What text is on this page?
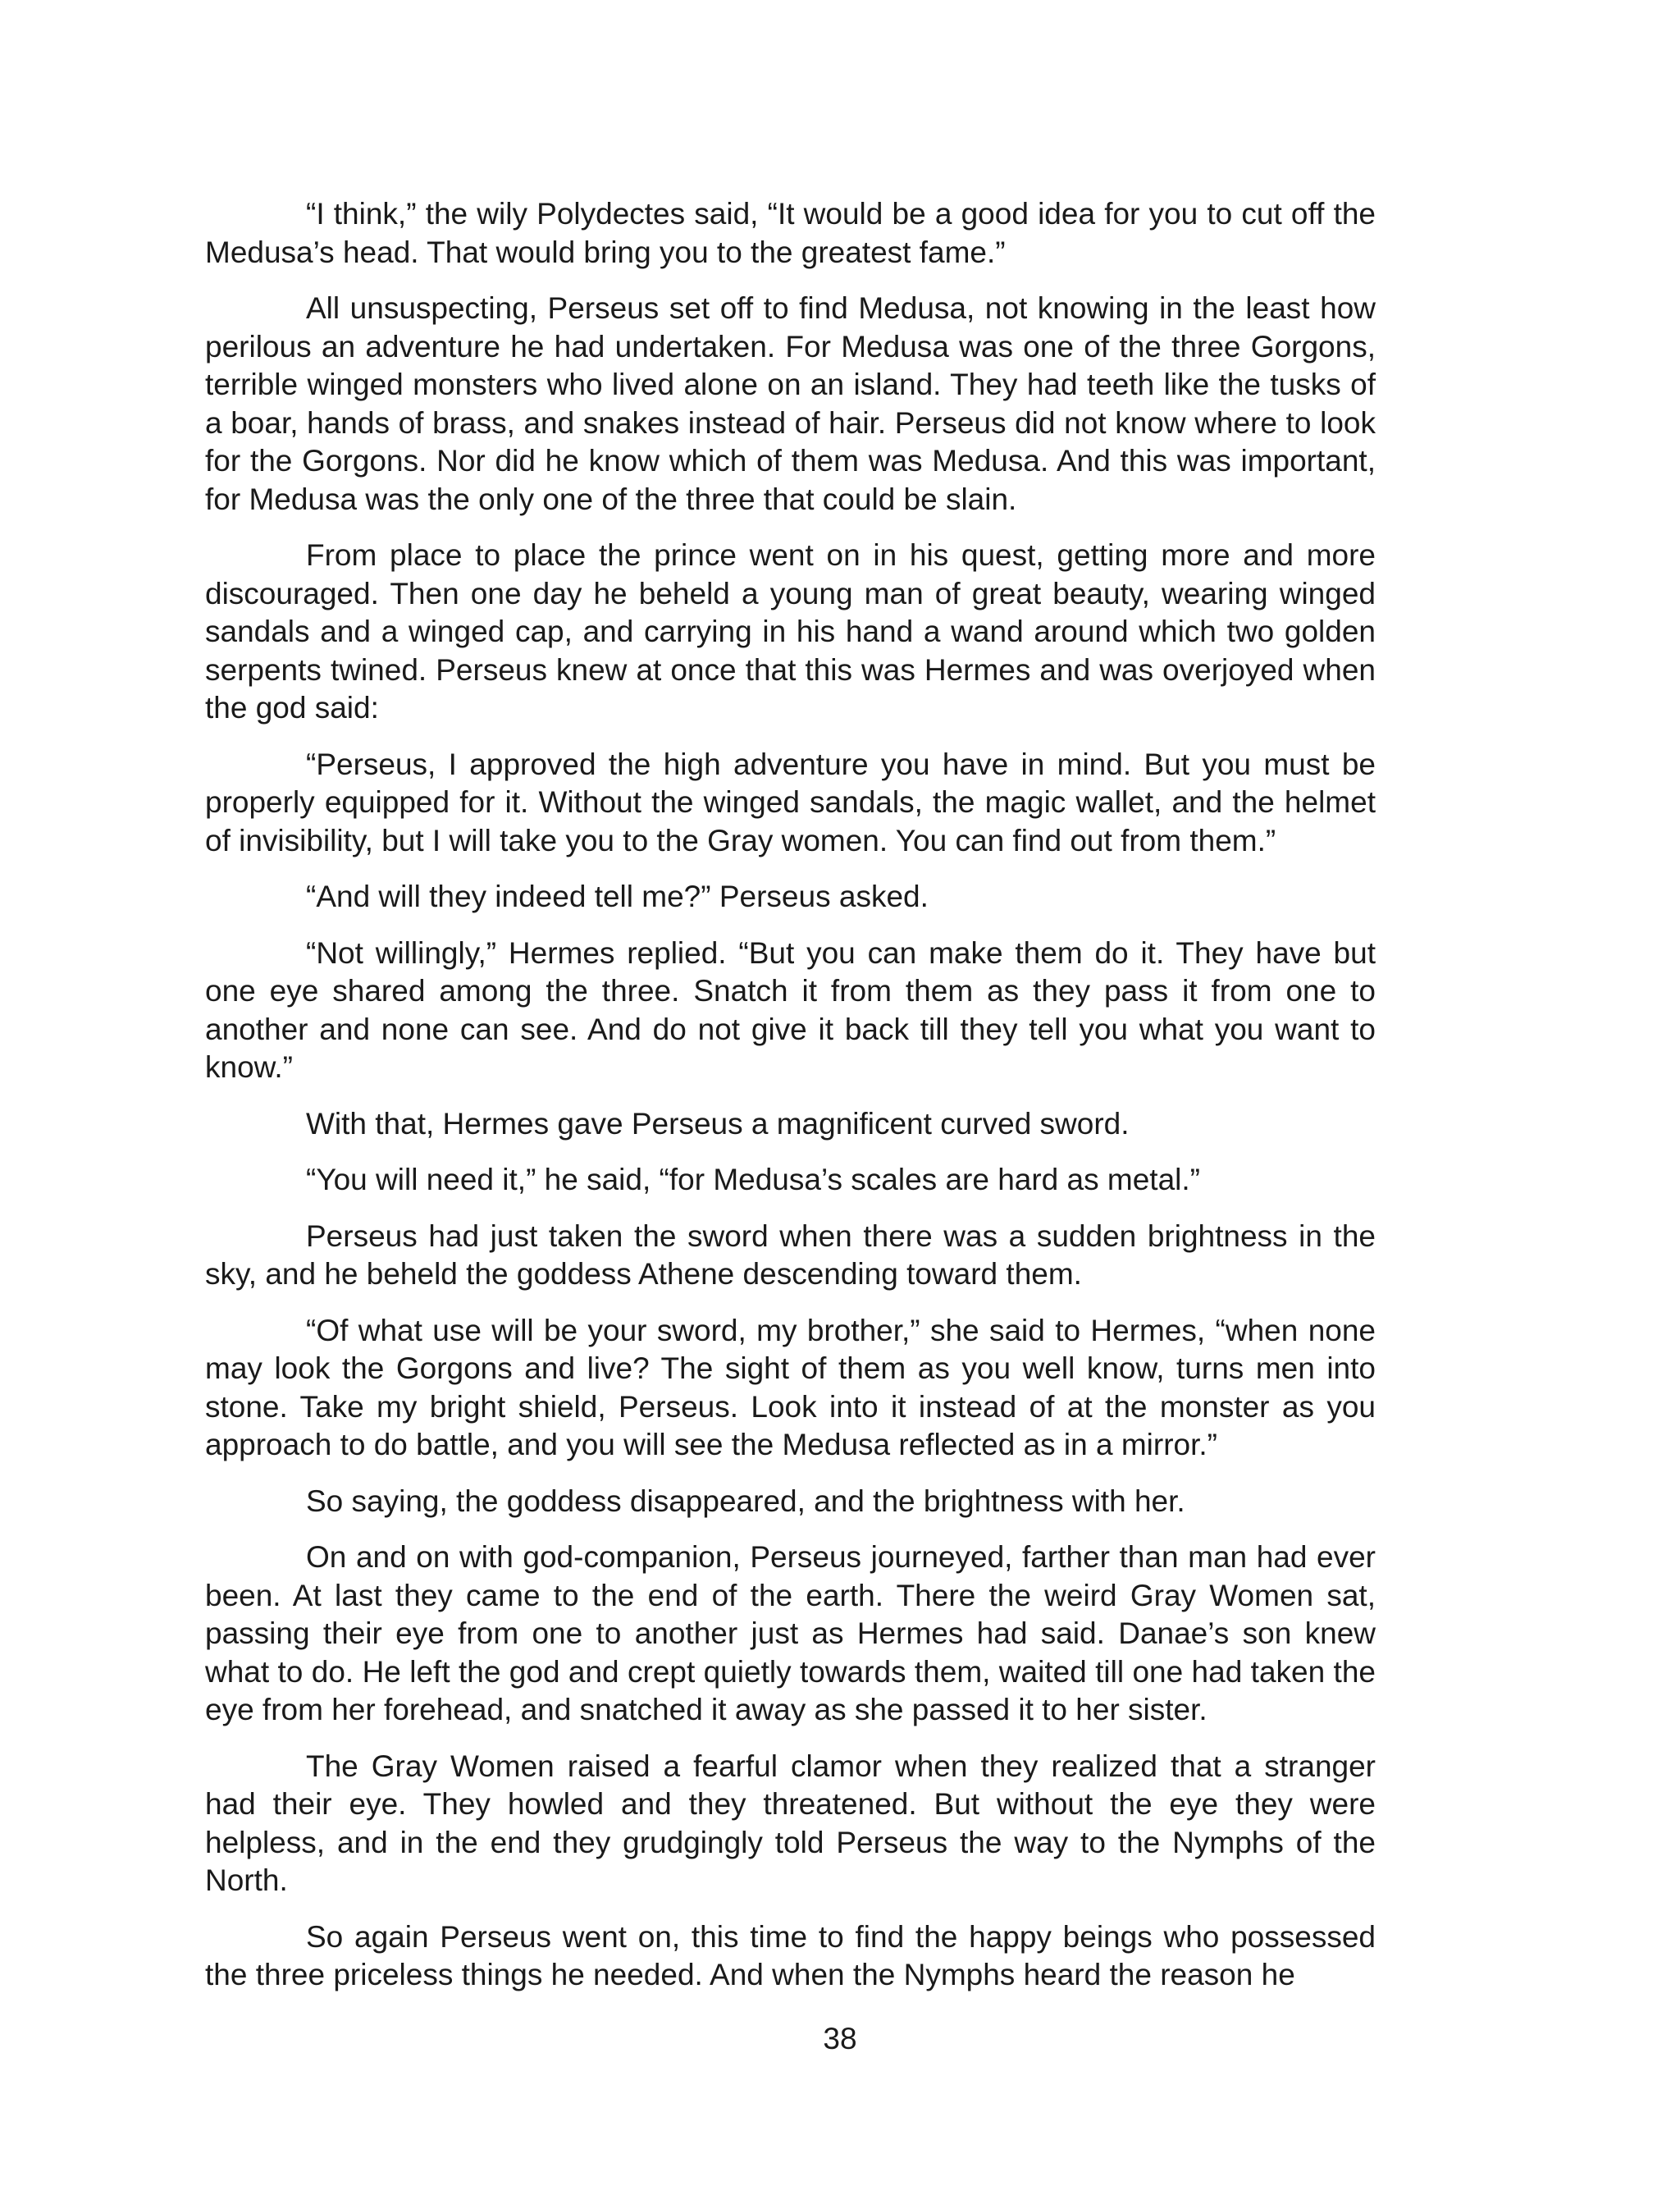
“I think,” the wily Polydectes said, “It would be a good idea for you to cut off the Medusa’s head. That would bring you to the greatest fame.”

All unsuspecting, Perseus set off to find Medusa, not knowing in the least how perilous an adventure he had undertaken. For Medusa was one of the three Gorgons, terrible winged monsters who lived alone on an island. They had teeth like the tusks of a boar, hands of brass, and snakes instead of hair. Perseus did not know where to look for the Gorgons. Nor did he know which of them was Medusa. And this was important, for Medusa was the only one of the three that could be slain.

From place to place the prince went on in his quest, getting more and more discouraged. Then one day he beheld a young man of great beauty, wearing winged sandals and a winged cap, and carrying in his hand a wand around which two golden serpents twined. Perseus knew at once that this was Hermes and was overjoyed when the god said:

“Perseus, I approved the high adventure you have in mind. But you must be properly equipped for it. Without the winged sandals, the magic wallet, and the helmet of invisibility, but I will take you to the Gray women. You can find out from them.”

“And will they indeed tell me?” Perseus asked.

“Not willingly,” Hermes replied. “But you can make them do it. They have but one eye shared among the three. Snatch it from them as they pass it from one to another and none can see. And do not give it back till they tell you what you want to know.”

With that, Hermes gave Perseus a magnificent curved sword.

“You will need it,” he said, “for Medusa’s scales are hard as metal.”

Perseus had just taken the sword when there was a sudden brightness in the sky, and he beheld the goddess Athene descending toward them.

“Of what use will be your sword, my brother,” she said to Hermes, “when none may look the Gorgons and live? The sight of them as you well know, turns men into stone. Take my bright shield, Perseus. Look into it instead of at the monster as you approach to do battle, and you will see the Medusa reflected as in a mirror.”

So saying, the goddess disappeared, and the brightness with her.

On and on with god-companion, Perseus journeyed, farther than man had ever been. At last they came to the end of the earth. There the weird Gray Women sat, passing their eye from one to another just as Hermes had said. Danae’s son knew what to do. He left the god and crept quietly towards them, waited till one had taken the eye from her forehead, and snatched it away as she passed it to her sister.

The Gray Women raised a fearful clamor when they realized that a stranger had their eye. They howled and they threatened. But without the eye they were helpless, and in the end they grudgingly told Perseus the way to the Nymphs of the North.

So again Perseus went on, this time to find the happy beings who possessed the three priceless things he needed. And when the Nymphs heard the reason he

38
